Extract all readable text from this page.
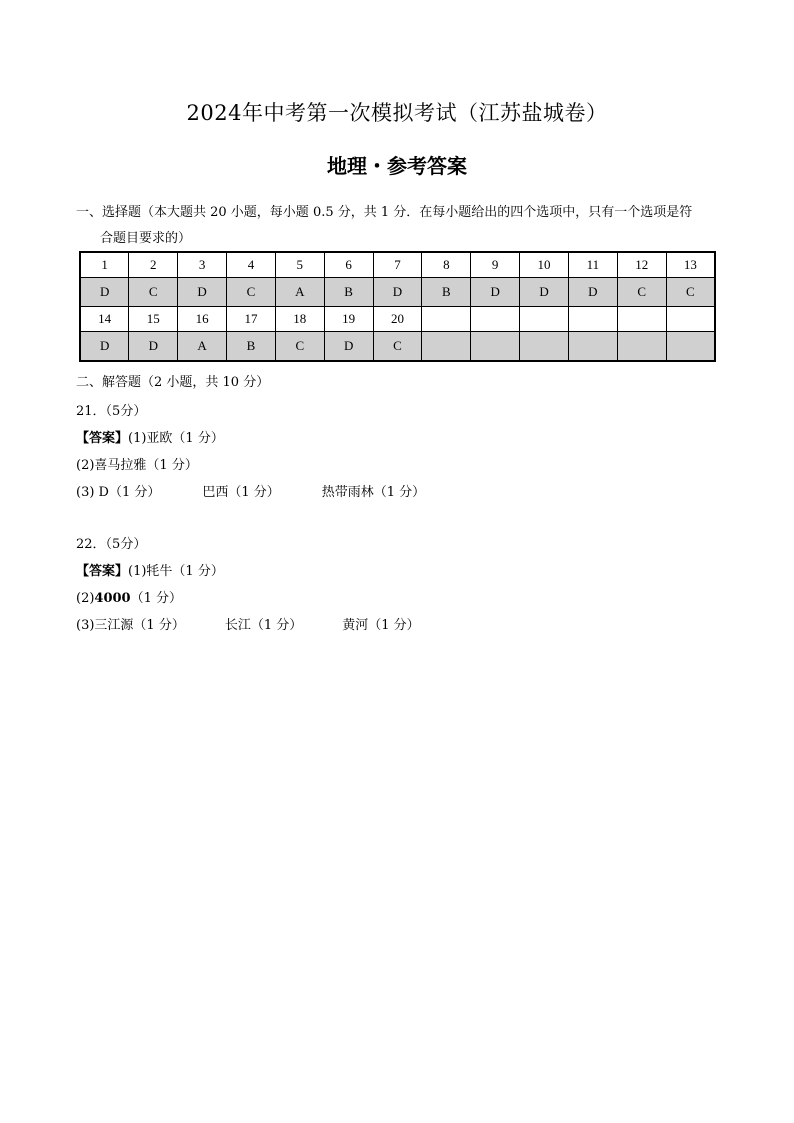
2024年中考第一次模拟考试（江苏盐城卷）
地理・参考答案
一、选择题（本大题共 20 小题，每小题 0.5 分，共 1 分．在每小题给出的四个选项中，只有一个选项是符
合题目要求的）
1	2	3	4	5	6	7	8	9	10	11	12	13
D	C	D	C	A	B	D	B	D	D	D	C	C
14	15	16	17	18	19	20						
D	D	A	B	C	D	C						
二、解答题（2 小题，共 10 分）
21．（5分）
【答案】(1)亚欧（1 分）
(2)喜马拉雅（1 分）
(3) D（1 分）	巴西（1 分）	热带雨林（1 分）
22．（5分）
【答案】(1)牦牛（1 分）
(2)4000（1 分）
(3)三江源（1 分）	长江（1 分）	黄河（1 分）
